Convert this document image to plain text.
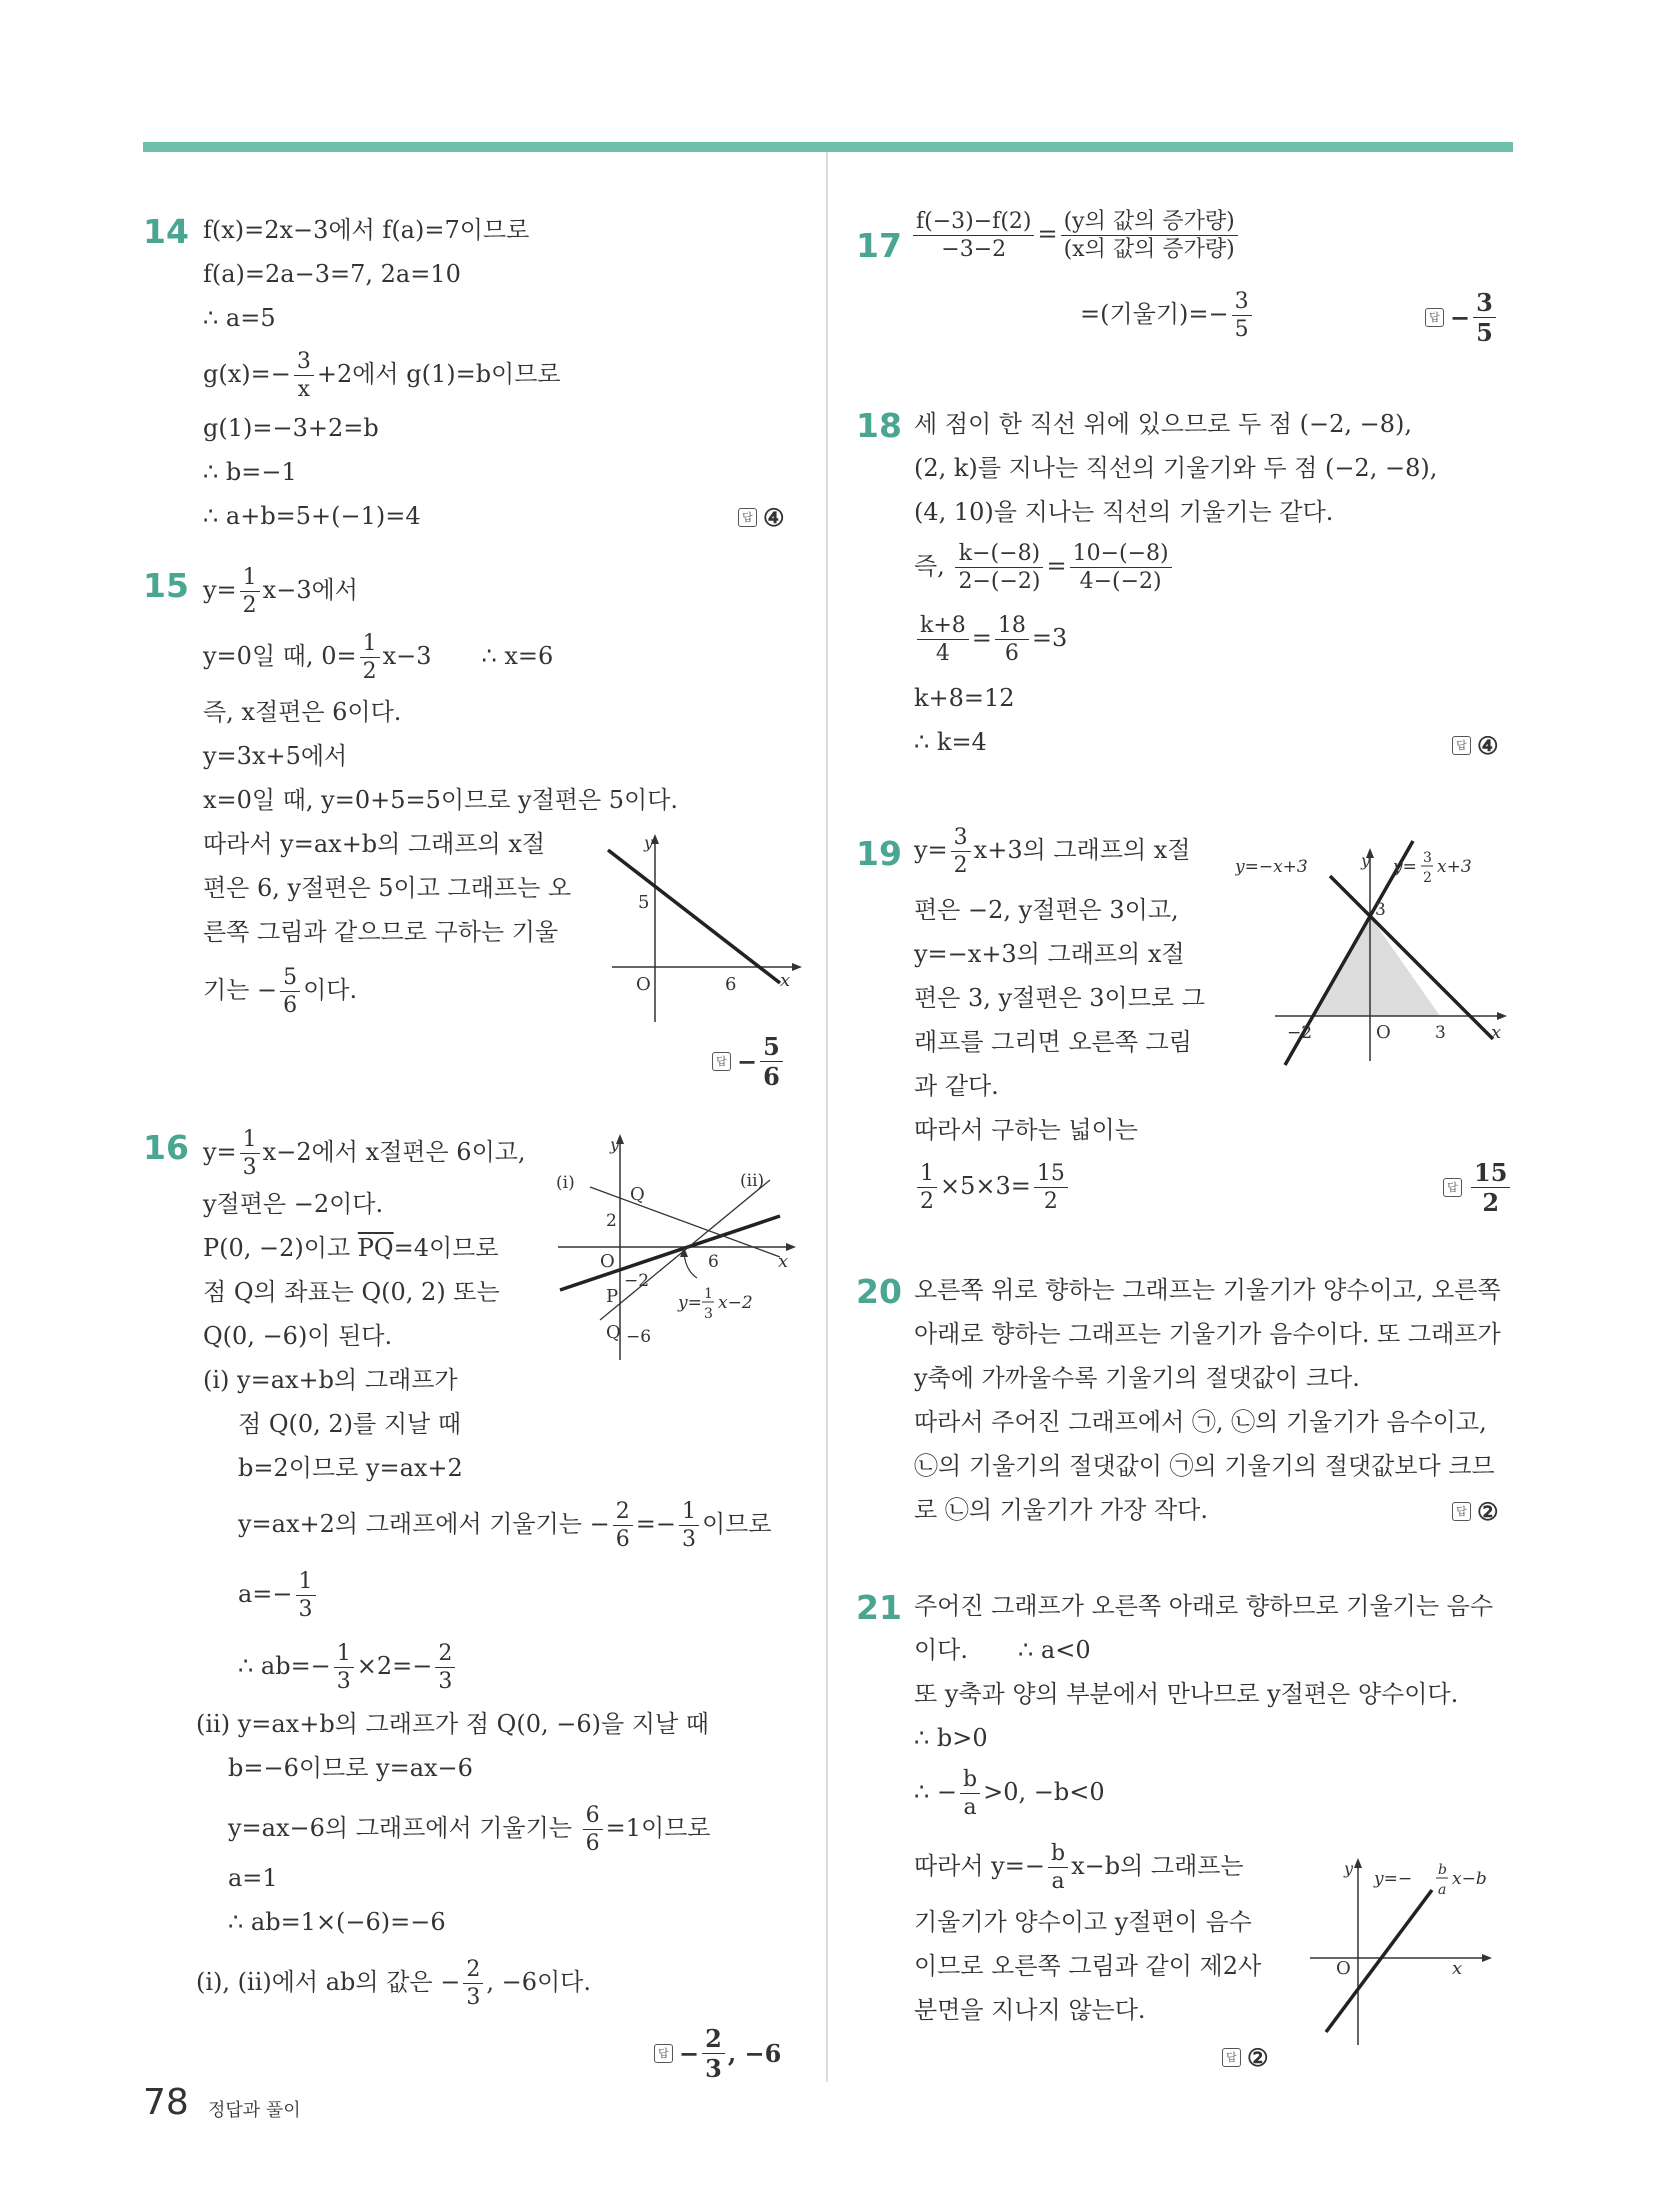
14 f(x)=2x−3에서 f(a)=7이므로
f(a)=2a−3=7, 2a=10
∴ a=5
$g(x)=- \frac{3}{x} +2$에서 g(1)=b이므로
g(1)=−3+2=b
∴ b=−1
∴ a+b=5+(−1)=4	답 ④
15 $y= \frac{1}{2} x-3$에서
y=0일 때, $0= \frac{1}{2} x-3$ ∴ x=6
즉, x절편은 6이다.
y=3x+5에서
x=0일 때, y=0+5=5이므로 y절편은 5이다.
따라서 y=ax+b의 그래프의 x절
편은 6, y절편은 5이고 그래프는 오
른쪽 그림과 같으므로 구하는 기울
기는 − $\frac{5}{6}$ 이다.
y
x
O	6
5
답 − $\frac{5}{6}$
16 $y= \frac{1}{3} x-2$에서 x절편은 6이고,
y절편은 −2이다.
P(0, −2)이고 $\overline{PQ}=4$이므로
점 Q의 좌표는 Q(0, 2) 또는
Q(0, −6)이 된다.
(i) y=ax+b의 그래프가
점 Q(0, 2)를 지날 때
b=2이므로 y=ax+2
y=ax+2의 그래프에서 기울기는 − $\frac{2}{6} =- \frac{1}{3}$ 이므로
$a=- \frac{1}{3}$
∴ $ab=- \frac{1}{3} \times 2=- \frac{2}{3}$
(ii) y=ax+b의 그래프가 점 Q(0, −6)을 지날 때
b=−6이므로 y=ax−6
y=ax−6의 그래프에서 기울기는 $\frac{6}{6} =1$이므로
a=1
∴ ab=1×(−6)=−6
(i), (ii)에서 ab의 값은 − $\frac{2}{3}$ , −6이다.
y
x
O
(i)	(ii)
Q
2
P
−2
Q −6
6
y= 1
3
x−2
답 − $\frac{2}{3}$ , −6
$17 \frac{f(-3)-f(2)}{-3-2} = \frac{\text{(y의 값의 증가량)}}{\text{(x의 값의 증가량)}}$
=(기울기)=− $\frac{3}{5}$	답 − $\frac{3}{5}$
18 세 점이 한 직선 위에 있으므로 두 점 (−2, −8),
(2, k)를 지나는 직선의 기울기와 두 점 (−2, −8),
(4, 10)을 지나는 직선의 기울기는 같다.
즉, $\frac{k-(-8)}{2-(-2)} = \frac{10-(-8)}{4-(-2)}$
$\frac{k+8}{4} = \frac{18}{6} =3$
k+8=12
∴ k=4	답 ④
19 $y= \frac{3}{2} x+3$의 그래프의 x절
편은 −2, y절편은 3이고,
y=−x+3의 그래프의 x절
편은 3, y절편은 3이므로 그
래프를 그리면 오른쪽 그림
과 같다.
따라서 구하는 넓이는
$\frac{1}{2} \times 5\times 3= \frac{15}{2}$
y=−x+3	y y= 3
2
x+3
3
−2	O	3	x
답 $\frac{15}{2}$
20 오른쪽 위로 향하는 그래프는 기울기가 양수이고, 오른쪽
아래로 향하는 그래프는 기울기가 음수이다. 또 그래프가
y축에 가까울수록 기울기의 절댓값이 크다.
따라서 주어진 그래프에서 ㉠, ㉡의 기울기가 음수이고,
㉡의 기울기의 절댓값이 ㉠의 기울기의 절댓값보다 크므
로 ㉡의 기울기가 가장 작다.	답 ②
21 주어진 그래프가 오른쪽 아래로 향하므로 기울기는 음수
이다. ∴ a<0
또 y축과 양의 부분에서 만나므로 y절편은 양수이다.
∴ b>0
∴ − $\frac{b}{a} >0$, −b<0
따라서 $y=- \frac{b}{a} x-b$의 그래프는
기울기가 양수이고 y절편이 음수
이므로 오른쪽 그림과 같이 제2사
분면을 지나지 않는다.
y
y=− b
a
x−b
O	x
답 ②
78 정답과 풀이
